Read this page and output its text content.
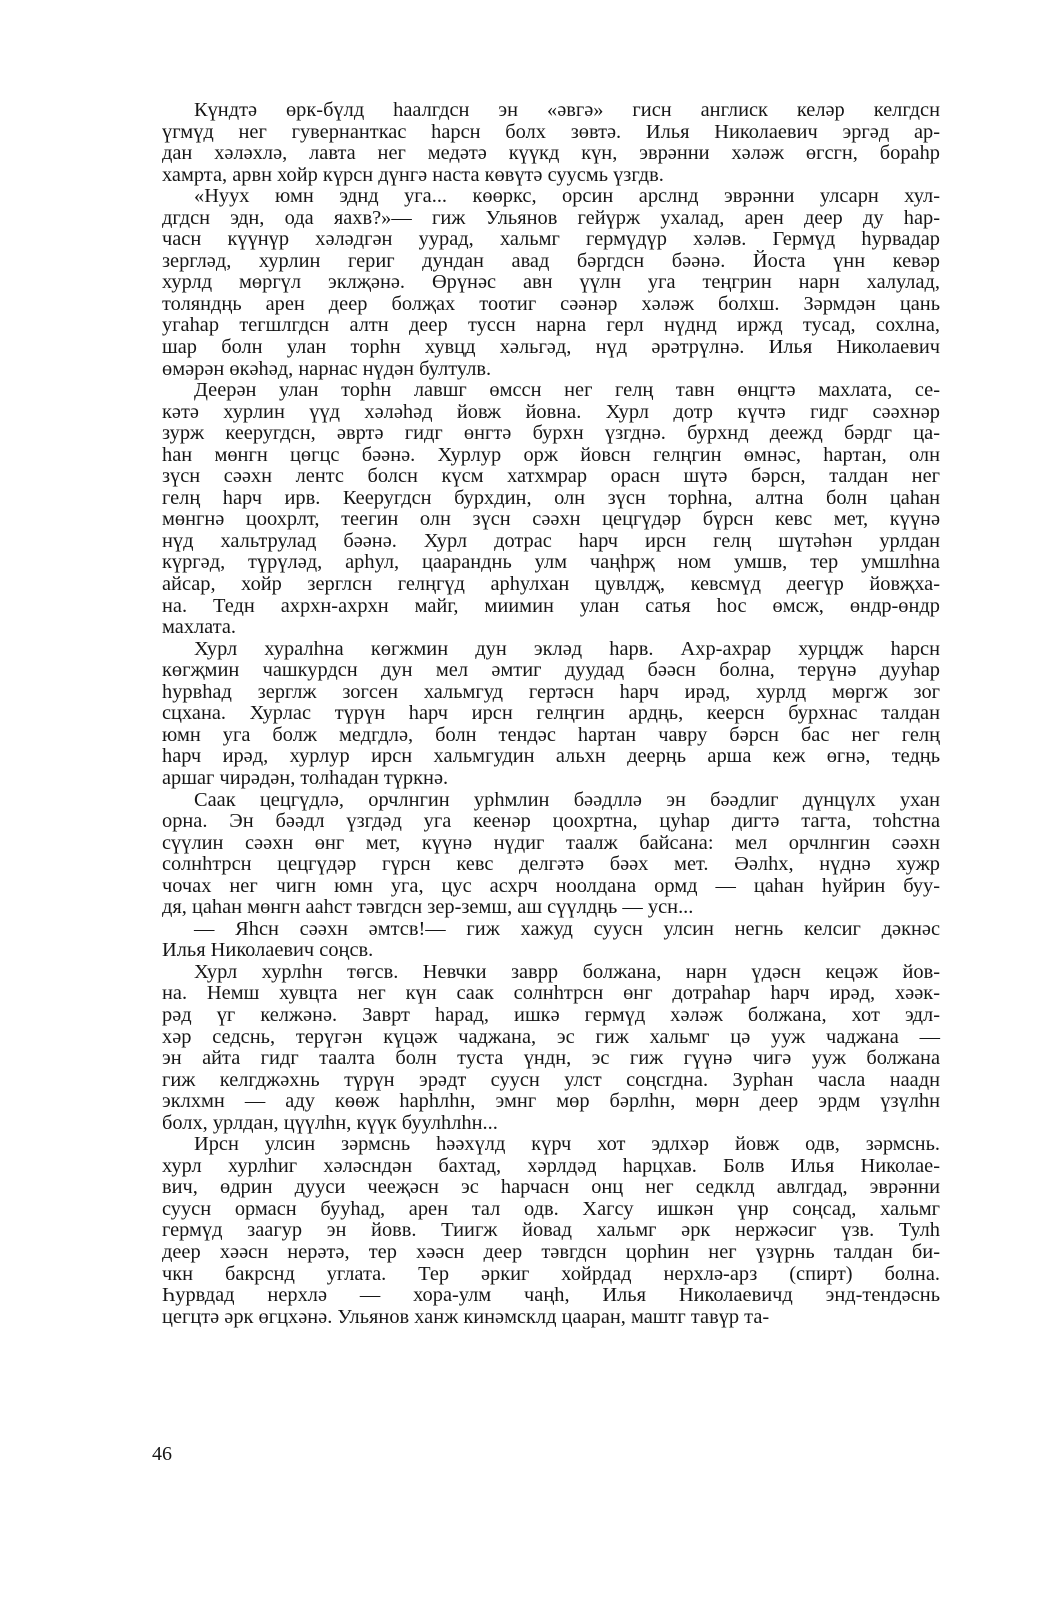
Күндтә өрк-бүлд һаалгдсн эн «әвгә» гисн англиск келәр келгдсн
үгмүд нег гувернанткас һарсн болх зөвтә. Илья Николаевич эргәд ар-
дан хәләхлә, лавта нег медәтә күүкд күн, эврәнни хәләж өгсгн, бораһр
хамрта, арвн хойр күрсн дүнгә наста көвүтә суусмь үзгдв.
«Нуух юмн эднд уга... көөркс, орсин арслнд эврәнни улсарн хул-
дгдсн эдн, ода яахв?»— гиж Ульянов гейүрж ухалад, арен деер ду һар-
часн күүнүр хәләдгән уурад, хальмг гермүдүр хәләв. Гермүд һурвадар
зергләд, хурлин гериг дундан авад бәргдсн бәәнә. Йоста үнн кевәр
хурлд мөргүл эклҗәнә. Өрүнәс авн үүлн уга теңгрин нарн халулад,
толяндңь арен деер болҗах тоотиг сәәнәр хәләж болхш. Зәрмдән цань
угаһар тегшлгдсн алтн деер туссн нарна герл нүднд иржд тусад, сохлна,
шар болн улан торһн хувцд хәльгәд, нүд әрәтрүлнә. Илья Николаевич
өмәрән өкәһәд, нарнас нүдән бултулв.
Деерән улан торһн лавшг өмссн нег гелң тавн өнцгтә махлата, се-
кәтә хурлин үүд хәләһәд йовж йовна. Хурл дотр күчтә гидг сәәхнәр
зурж кееругдсн, әвртә гидг өнгтә бурхн үзгднә. бурхнд деежд бәрдг ца-
һан мөнгн цөгцс бәәнә. Хурлур орж йовсн гелңгин өмнәс, һартан, олн
зүсн сәәхн лентс болсн күсм хатхмрар орасн шүтә бәрсн, талдан нег
гелң һарч ирв. Кееругдсн бурхдин, олн зүсн торһна, алтна болн цаһан
мөнгнә цоохрлт, теегин олн зүсн сәәхн цецгүдәр бүрсн кевс мет, күүнә
нүд хальтрулад бәәнә. Хурл дотрас һарч ирсн гелң шүтәһән урлдан
күргәд, түрүләд, арһул, цааранднь улм чаңһрҗ ном умшв, тер умшлһна
айсар, хойр зерглсн гелңгүд арһулхан цувлдҗ, кевсмүд деегүр йовҗха-
на. Тедн ахрхн-ахрхн майг, миимин улан сатья һос өмсж, өндр-өндр
махлата.
Хурл хуралһна көгжмин дун экләд һарв. Ахр-ахрар хурцдж һарсн
көгҗмин чашкурдсн дун мел әмтиг дуудад бәәсн болна, терүнә дууһар
һурвһад зерглж зогсен хальмгуд гертәсн һарч ирәд, хурлд мөргж зог
сцхана. Хурлас түрүн һарч ирсн гелңгин ардңь, кеерсн бурхнас талдан
юмн уга болж медгдлә, болн тендәс һартан чавру бәрсн бас нег гелң
һарч ирәд, хурлур ирсн хальмгудин альхн деерңь арша кеж өгнә, тедңь
аршаг чирәдән, толһадан түркнә.
Саак цецгүдлә, орчлнгин урһмлин бәәдллә эн бәәдлиг дүнцүлх ухан
орна. Эн бәәдл үзгдәд уга кеенәр цоохртна, цуһар дигтә тагта, тоһстна
сүүлин сәәхн өнг мет, күүнә нүдиг таалж байсана: мел орчлнгин сәәхн
солнһтрсн цецгүдәр гүрсн кевс делгәтә бәәх мет. Әәлһх, нүднә хужр
чочах нег чигн юмн уга, цус асхрч ноолдана ормд — цаһан һуйрин буу-
дя, цаһан мөнгн ааһст тәвгдсн зер-земш, аш сүүлдңь — усн...
— Яһсн сәәхн әмтсв!— гиж хажуд суусн улсин негнь келсиг дәкнәс
Илья Николаевич соңсв.
Хурл хурлһн төгсв. Невчки заврр болжана, нарн үдәсн кецәж йов-
на. Немш хувцта нег күн саак солнһтрсн өнг дотраһар һарч ирәд, хәәк-
рәд үг келжәнә. Заврт һарад, ишкә гермүд хәләж болжана, хот эдл-
хәр седснь, терүгән күцәж чаджана, эс гиж хальмг цә ууж чаджана —
эн айта гидг таалта болн туста үндн, эс гиж гүүнә чигә ууж болжана
гиж келгджәхнь түрүн эрәдт суусн улст соңсгдна. Зурһан часла наадн
эклхмн — аду көөж һарһлһн, эмнг мөр бәрлһн, мөрн деер эрдм үзүлһн
болх, урлдан, цүүлһн, күүк буулһлһн...
Ирсн улсин зәрмснь һәәхүлд күрч хот эдлхәр йовж одв, зәрмснь.
хурл хурлһиг хәләсндән бахтад, хәрлдәд һарцхав. Болв Илья Николае-
вич, өдрин дууси чееҗәсн эс һарчасн онц нег седклд авлгдад, эврәнни
суусн ормасн бууһад, арен тал одв. Хагсу ишкән үнр соңсад, хальмг
гермүд заагур эн йовв. Тиигж йовад хальмг әрк нержәсиг үзв. Тулһ
деер хәәсн нерәтә, тер хәәсн деер тәвгдсн цорһин нег үзүрнь талдан би-
чкн бакрснд углата. Тер әркиг хойрдад нерхлә-арз (спирт) болна.
Һурвдад нерхлә — хора-улм чаңһ, Илья Николаевичд энд-тендәснь
цегцтә әрк өгцхәнә. Ульянов ханж кинәмсклд цааран, маштг тавүр та-
46
